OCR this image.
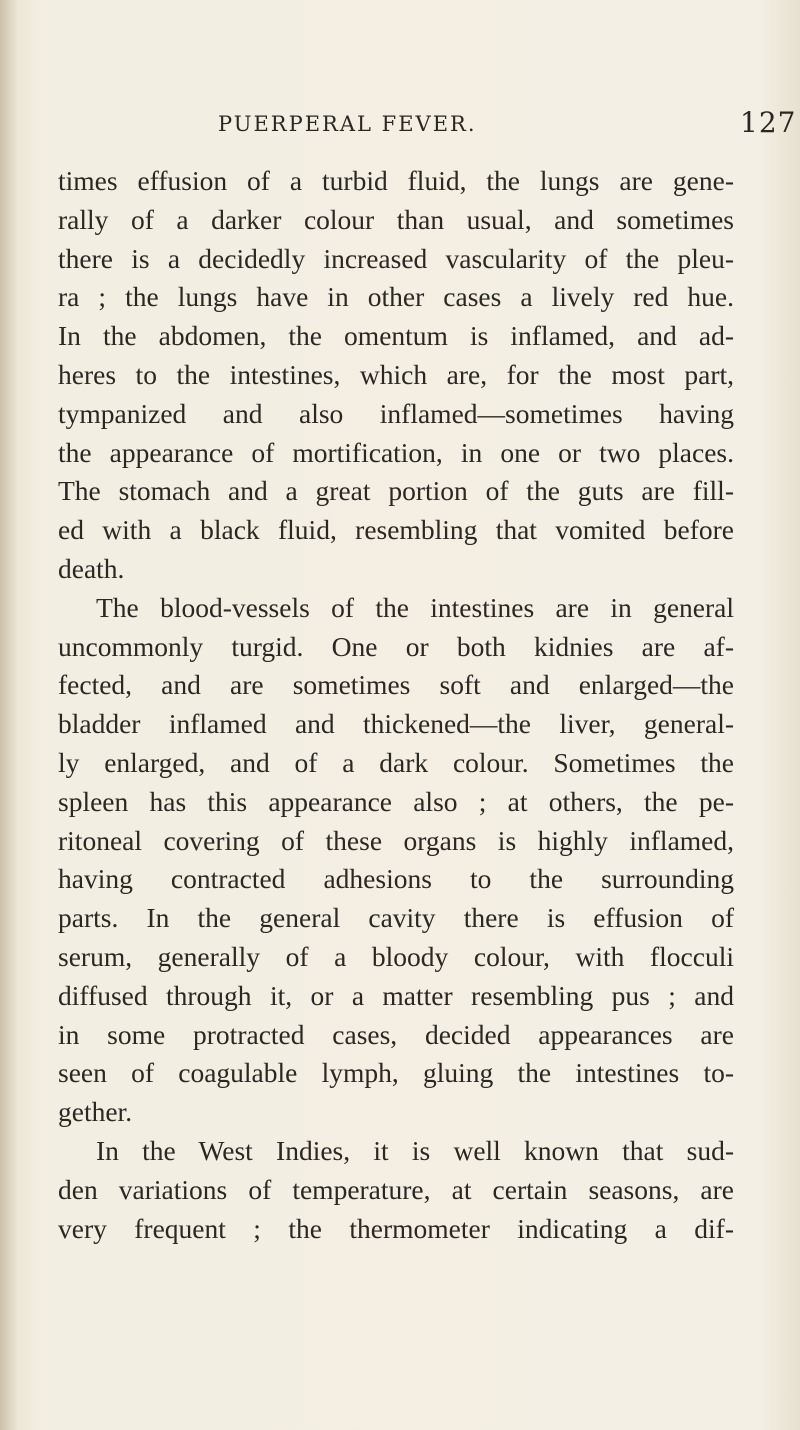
PUERPERAL FEVER.	127
times effusion of a turbid fluid, the lungs are gene-
rally of a darker colour than usual, and sometimes
there is a decidedly increased vascularity of the pleu-
ra ; the lungs have in other cases a lively red hue.
In the abdomen, the omentum is inflamed, and ad-
heres to the intestines, which are, for the most part,
tympanized and also inflamed—sometimes having
the appearance of mortification, in one or two places.
The stomach and a great portion of the guts are fill-
ed with a black fluid, resembling that vomited before
death.
The blood-vessels of the intestines are in general
uncommonly turgid. One or both kidnies are af-
fected, and are sometimes soft and enlarged—the
bladder inflamed and thickened—the liver, general-
ly enlarged, and of a dark colour. Sometimes the
spleen has this appearance also ; at others, the pe-
ritoneal covering of these organs is highly inflamed,
having contracted adhesions to the surrounding
parts. In the general cavity there is effusion of
serum, generally of a bloody colour, with flocculi
diffused through it, or a matter resembling pus ; and
in some protracted cases, decided appearances are
seen of coagulable lymph, gluing the intestines to-
gether.
In the West Indies, it is well known that sud-
den variations of temperature, at certain seasons, are
very frequent ; the thermometer indicating a dif-
